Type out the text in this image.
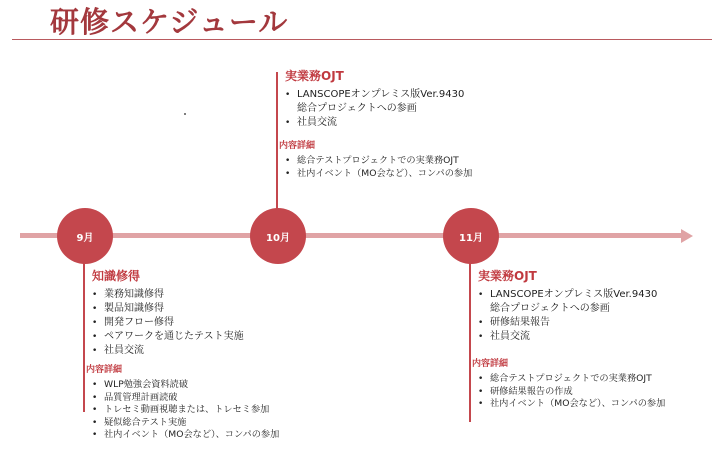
研修スケジュール
9月	10月	11月
知識修得
• 業務知識修得
• 製品知識修得
• 開発フロー修得
• ペアワークを通じたテスト実施
• 社員交流
内容詳細
• WLP勉強会資料読破
• 品質管理計画読破
• トレセミ動画視聴または、トレセミ参加
• 疑似総合テスト実施
• 社内イベント（MO会など）、コンパの参加
実業務OJT
• LANSCOPEオンプレミス版Ver.9430
総合プロジェクトへの参画
• 社員交流
内容詳細
• 総合テストプロジェクトでの実業務OJT
• 社内イベント（MO会など）、コンパの参加
実業務OJT
• LANSCOPEオンプレミス版Ver.9430
総合プロジェクトへの参画
• 研修結果報告
• 社員交流
内容詳細
• 総合テストプロジェクトでの実業務OJT
• 研修結果報告の作成
• 社内イベント（MO会など）、コンパの参加
